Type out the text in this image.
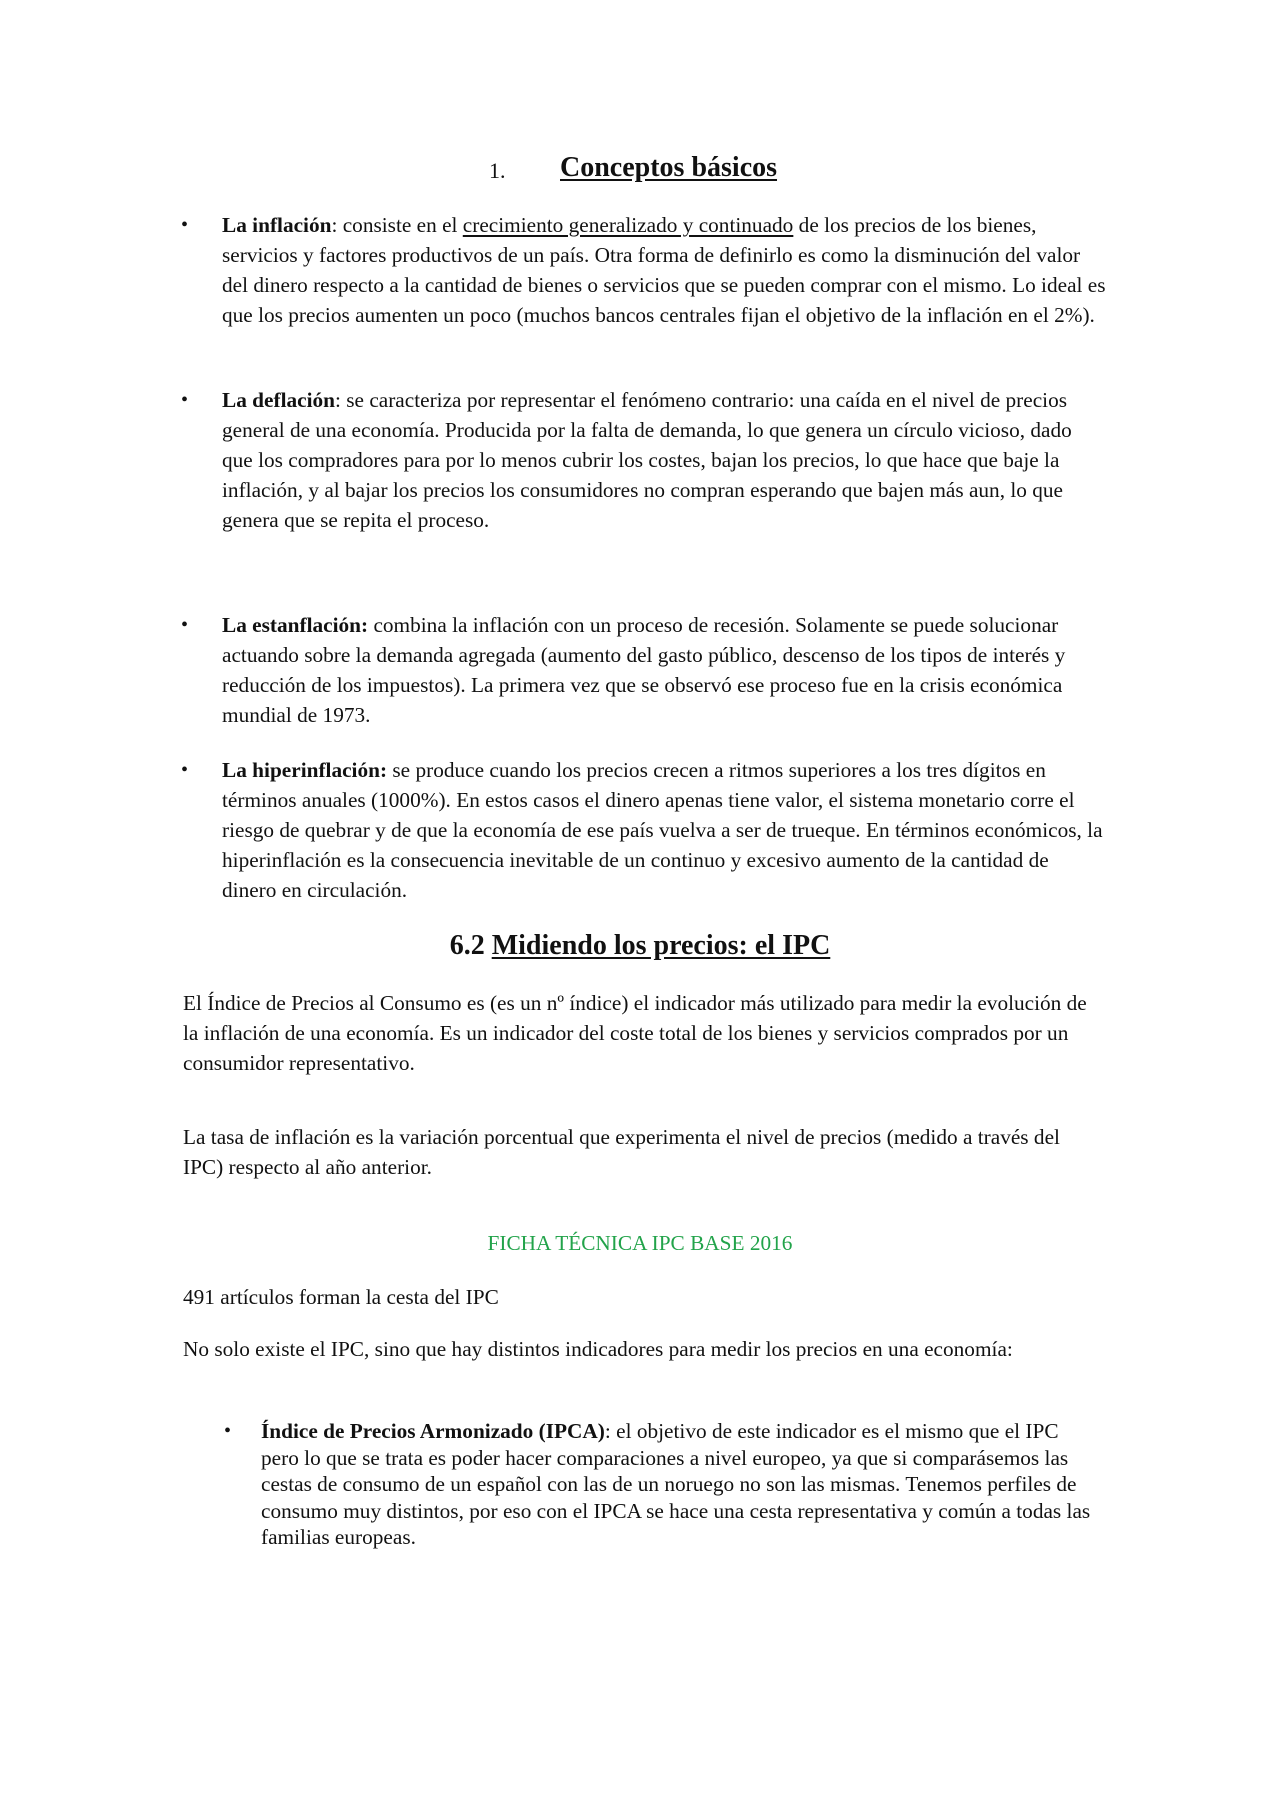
1. Conceptos básicos
• La inflación: consiste en el crecimiento generalizado y continuado de los precios de los bienes, servicios y factores productivos de un país. Otra forma de definirlo es como la disminución del valor del dinero respecto a la cantidad de bienes o servicios que se pueden comprar con el mismo. Lo ideal es que los precios aumenten un poco (muchos bancos centrales fijan el objetivo de la inflación en el 2%).
• La deflación: se caracteriza por representar el fenómeno contrario: una caída en el nivel de precios general de una economía. Producida por la falta de demanda, lo que genera un círculo vicioso, dado que los compradores para por lo menos cubrir los costes, bajan los precios, lo que hace que baje la inflación, y al bajar los precios los consumidores no compran esperando que bajen más aun, lo que genera que se repita el proceso.
• La estanflación: combina la inflación con un proceso de recesión. Solamente se puede solucionar actuando sobre la demanda agregada (aumento del gasto público, descenso de los tipos de interés y reducción de los impuestos). La primera vez que se observó ese proceso fue en la crisis económica mundial de 1973.
• La hiperinflación: se produce cuando los precios crecen a ritmos superiores a los tres dígitos en términos anuales (1000%). En estos casos el dinero apenas tiene valor, el sistema monetario corre el riesgo de quebrar y de que la economía de ese país vuelva a ser de trueque. En términos económicos, la hiperinflación es la consecuencia inevitable de un continuo y excesivo aumento de la cantidad de dinero en circulación.
6.2 Midiendo los precios: el IPC
El Índice de Precios al Consumo es (es un nº índice) el indicador más utilizado para medir la evolución de la inflación de una economía. Es un indicador del coste total de los bienes y servicios comprados por un consumidor representativo.
La tasa de inflación es la variación porcentual que experimenta el nivel de precios (medido a través del IPC) respecto al año anterior.
FICHA TÉCNICA IPC BASE 2016
491 artículos forman la cesta del IPC
No solo existe el IPC, sino que hay distintos indicadores para medir los precios en una economía:
• Índice de Precios Armonizado (IPCA): el objetivo de este indicador es el mismo que el IPC pero lo que se trata es poder hacer comparaciones a nivel europeo, ya que si comparásemos las cestas de consumo de un español con las de un noruego no son las mismas. Tenemos perfiles de consumo muy distintos, por eso con el IPCA se hace una cesta representativa y común a todas las familias europeas.
